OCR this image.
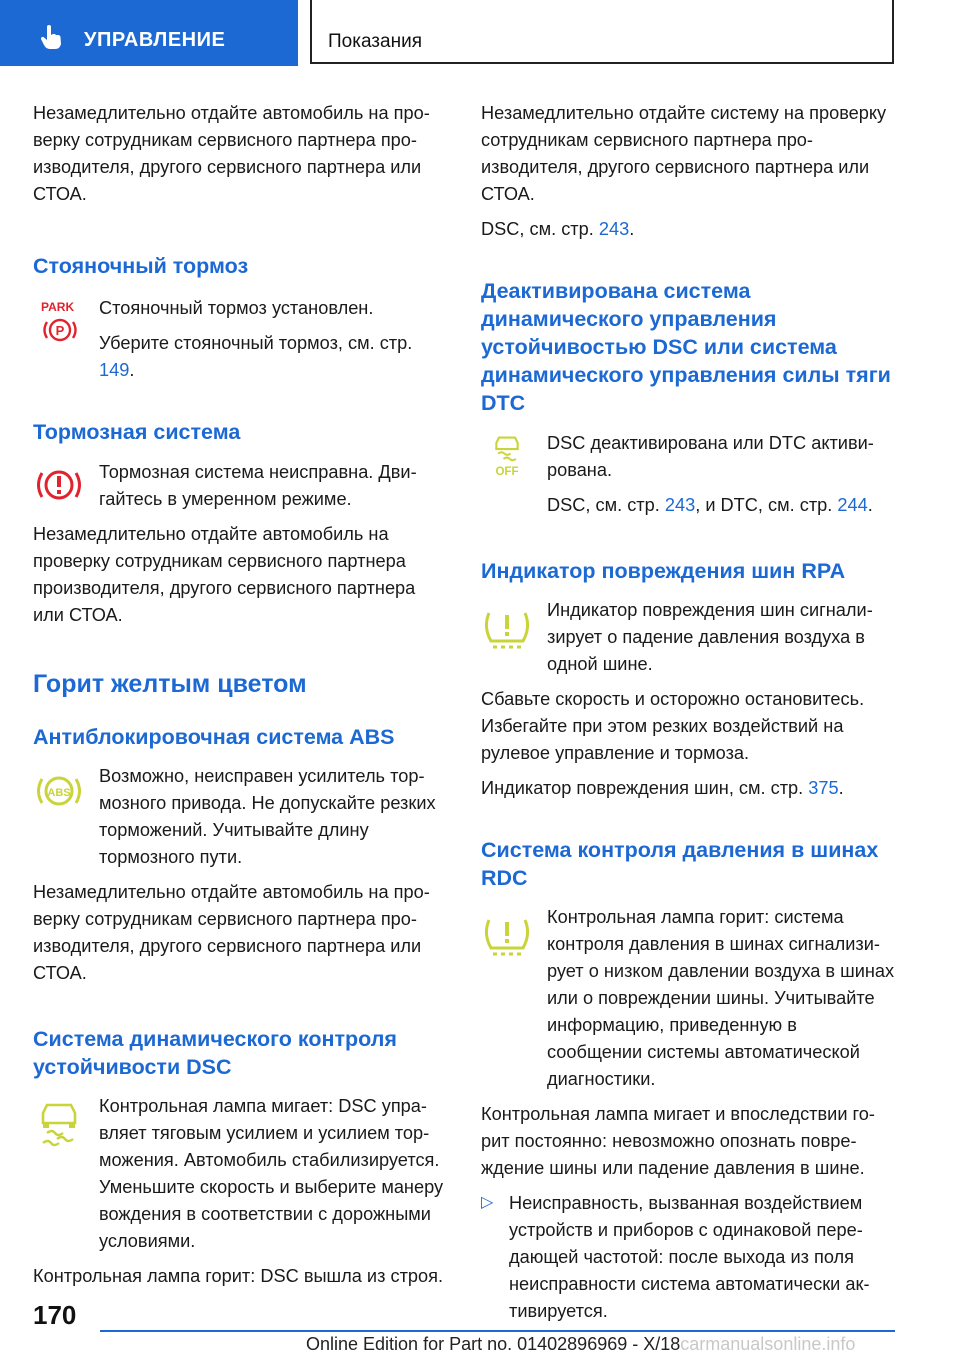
УПРАВЛЕНИЕ	Показания

Незамедлительно отдайте автомобиль на проверку сотрудникам сервисного партнера производителя, другого сервисного партнера или СТОА.

Стояночный тормоз
PARK
P

Стояночный тормоз установлен.

Уберите стояночный тормоз, см. стр. 149.

Тормозная система

Тормозная система неисправна. Двигайтесь в умеренном режиме.

Незамедлительно отдайте автомобиль на проверку сотрудникам сервисного партнера производителя, другого сервисного партнера или СТОА.

Горит желтым цветом
Антиблокировочная система ABS
ABS

Возможно, неисправен усилитель тормозного привода. Не допускайте резких торможений. Учитывайте длину тормозного пути.

Незамедлительно отдайте автомобиль на проверку сотрудникам сервисного партнера производителя, другого сервисного партнера или СТОА.

Система динамического контроля устойчивости DSC

Контрольная лампа мигает: DSC управляет тяговым усилием и усилием торможения. Автомобиль стабилизируется. Уменьшите скорость и выберите манеру вождения в соответствии с дорожными условиями.

Контрольная лампа горит: DSC вышла из строя.

Незамедлительно отдайте систему на проверку сотрудникам сервисного партнера производителя, другого сервисного партнера или СТОА.

DSC, см. стр. 243.

Деактивирована система динамического управления устойчивостью DSC или система динамического управления силы тяги DTC
OFF

DSC деактивирована или DTC активирована.

DSC, см. стр. 243, и DTC, см. стр. 244.

Индикатор повреждения шин RPA

Индикатор повреждения шин сигнализирует о падение давления воздуха в одной шине.

Сбавьте скорость и осторожно остановитесь. Избегайте при этом резких воздействий на рулевое управление и тормоза.

Индикатор повреждения шин, см. стр. 375.

Система контроля давления в шинах RDC

Контрольная лампа горит: система контроля давления в шинах сигнализирует о низком давлении воздуха в шинах или о повреждении шины. Учитывайте информацию, приведенную в сообщении системы автоматической диагностики.

Контрольная лампа мигает и впоследствии горит постоянно: невозможно опознать повреждение шины или падение давления в шине.

▷ Неисправность, вызванная воздействием устройств и приборов с одинаковой передающей частотой: после выхода из поля неисправности система автоматически активируется.

170
Online Edition for Part no. 01402896969 - X/18carmanualsonline.info
